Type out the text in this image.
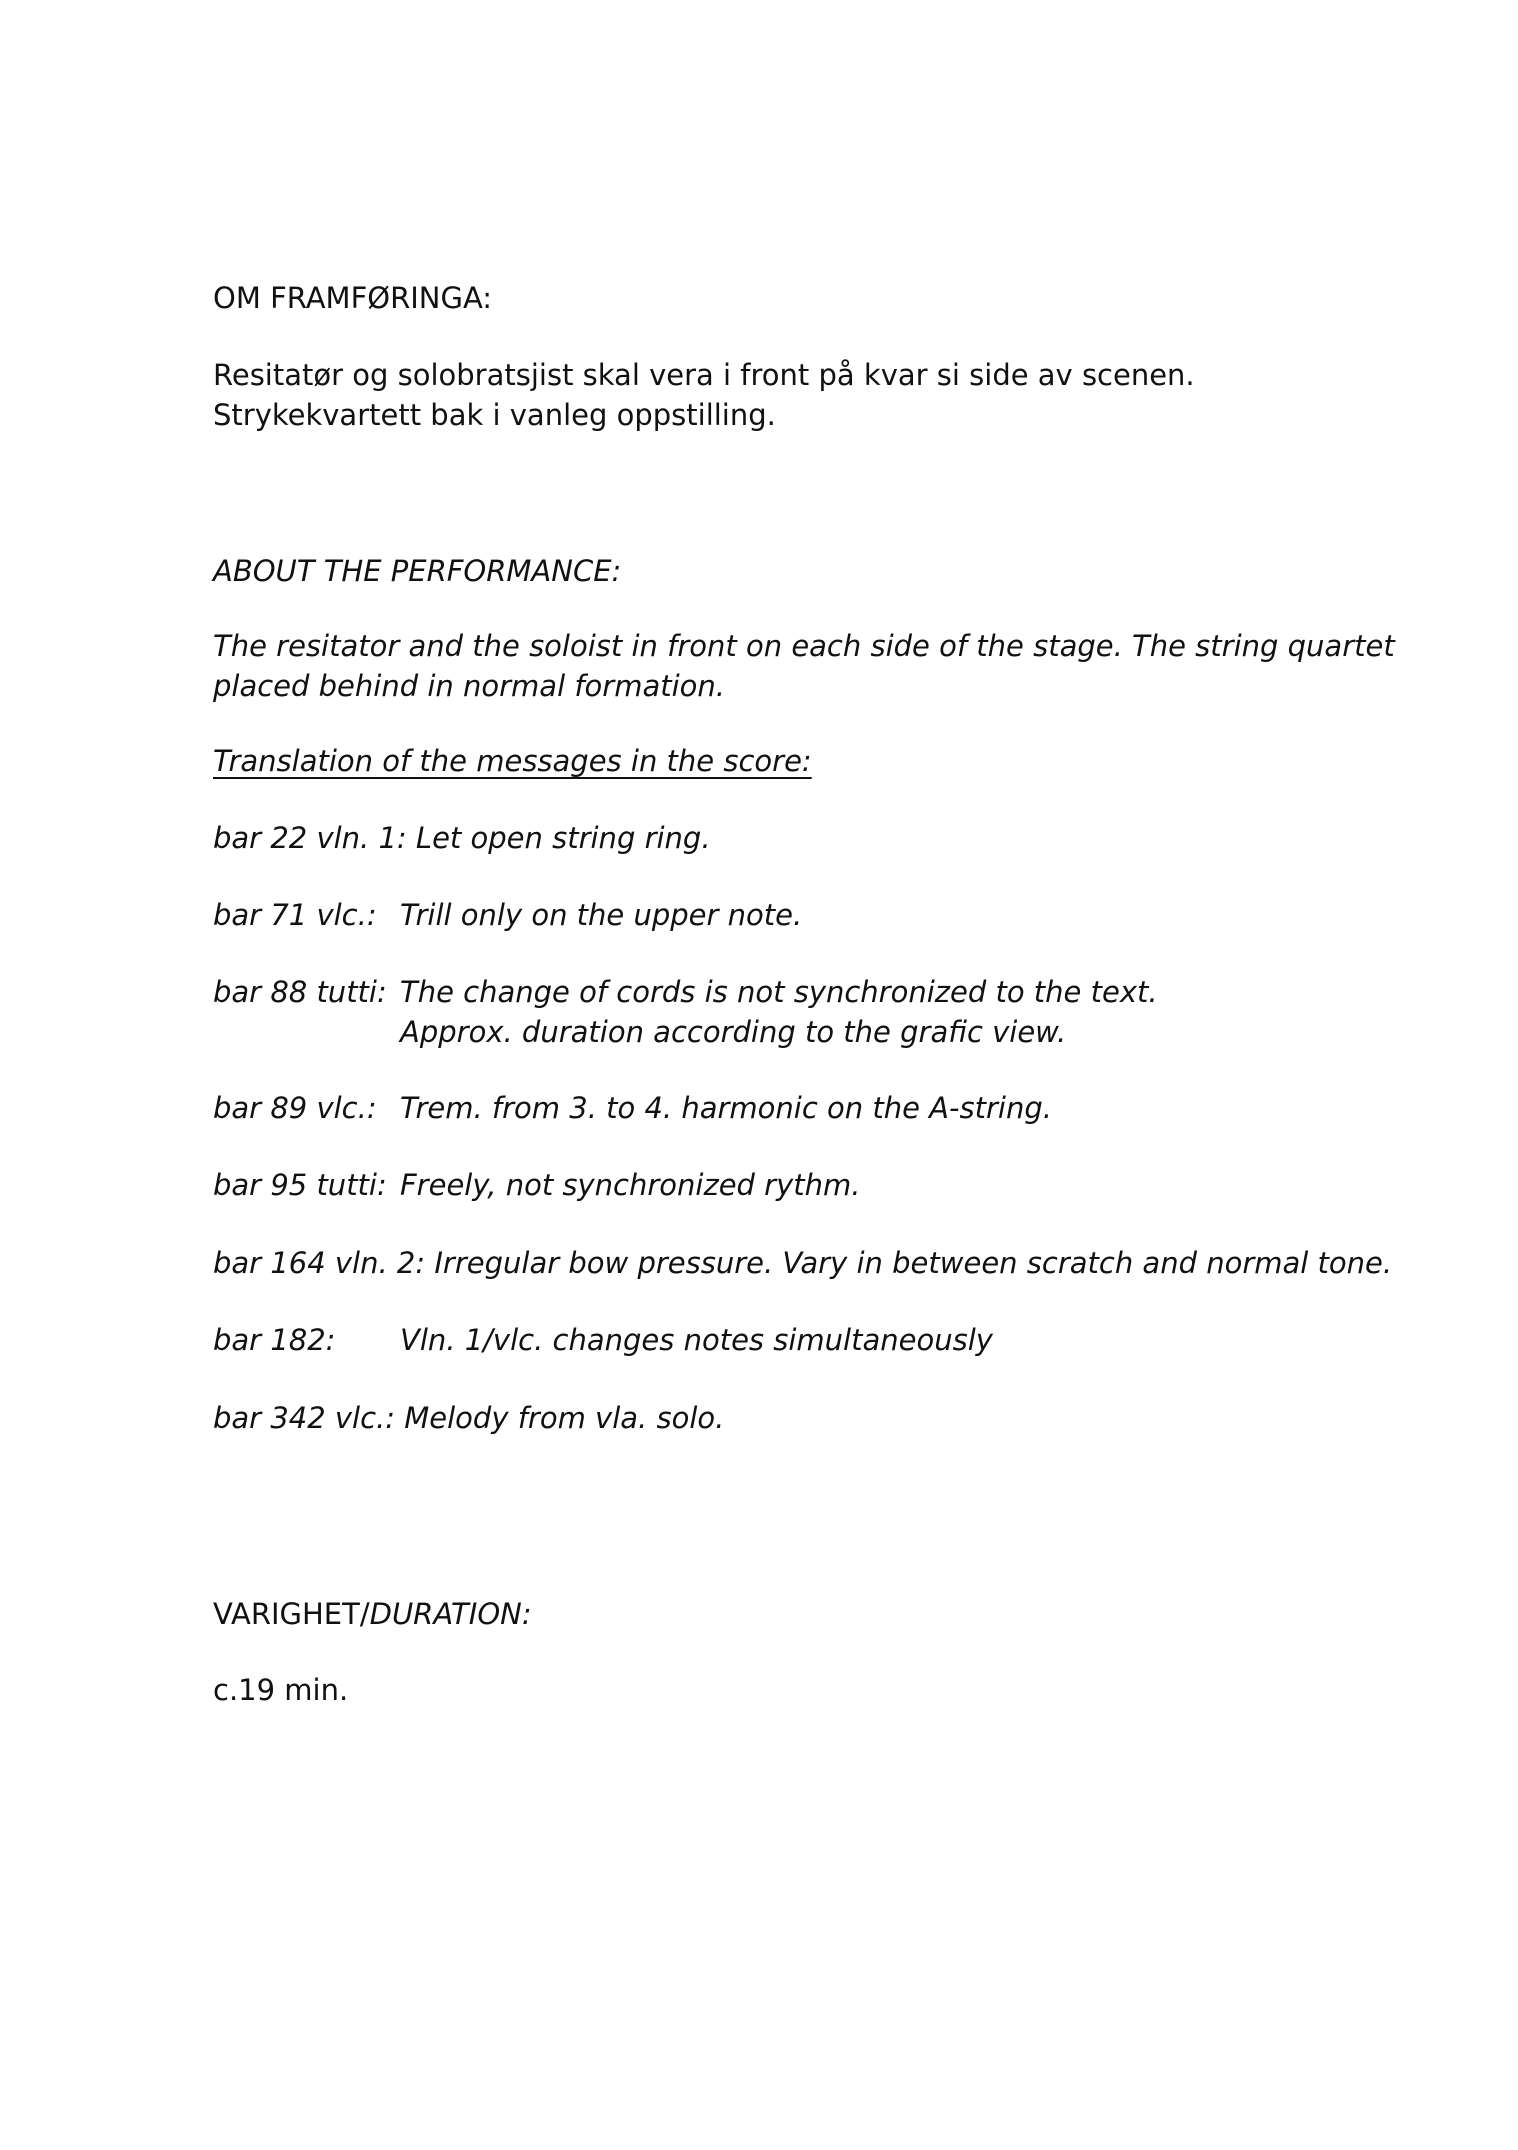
OM FRAMFØRINGA:
Resitatør og solobratsjist skal vera i front på kvar si side av scenen.
Strykekvartett bak i vanleg oppstilling.
ABOUT THE PERFORMANCE:
The resitator and the soloist in front on each side of the stage. The string quartet
placed behind in normal formation.
Translation of the messages in the score:
bar 22 vln. 1: Let open string ring.
bar 71 vlc.: Trill only on the upper note.
bar 88 tutti: The change of cords is not synchronized to the text.
Approx. duration according to the grafic view.
bar 89 vlc.: Trem. from 3. to 4. harmonic on the A-string.
bar 95 tutti: Freely, not synchronized rythm.
bar 164 vln. 2: Irregular bow pressure. Vary in between scratch and normal tone.
bar 182: Vln. 1/vlc. changes notes simultaneously
bar 342 vlc.: Melody from vla. solo.
VARIGHET/DURATION:
c.19 min.
